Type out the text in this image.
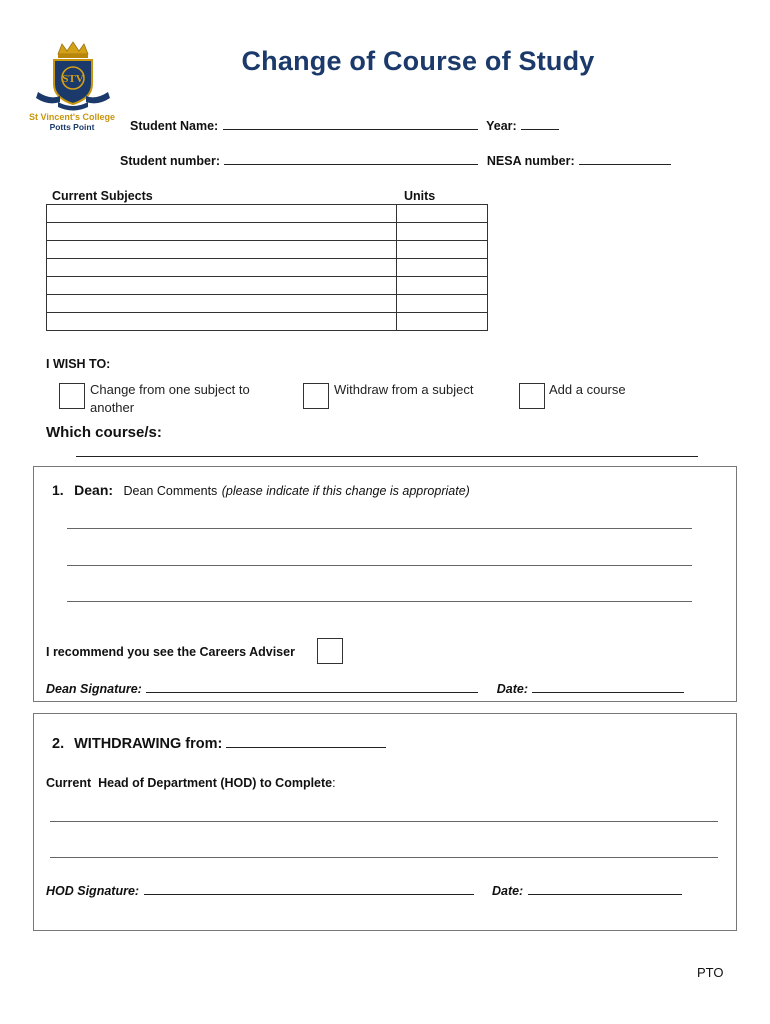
STV
St Vincent's College
Potts Point
Change of Course of Study
Student Name:	Year:
Student number:	NESA number:
Current Subjects	Units

I WISH TO:
Change from one subject to
another
Withdraw from a subject	Add a course
Which course/s:
1. Dean: Dean Comments (please indicate if this change is appropriate)
I recommend you see the Careers Adviser
Dean Signature:	Date:
2. WITHDRAWING from:
Current  Head of Department (HOD) to Complete:
HOD Signature:	Date:
PTO
